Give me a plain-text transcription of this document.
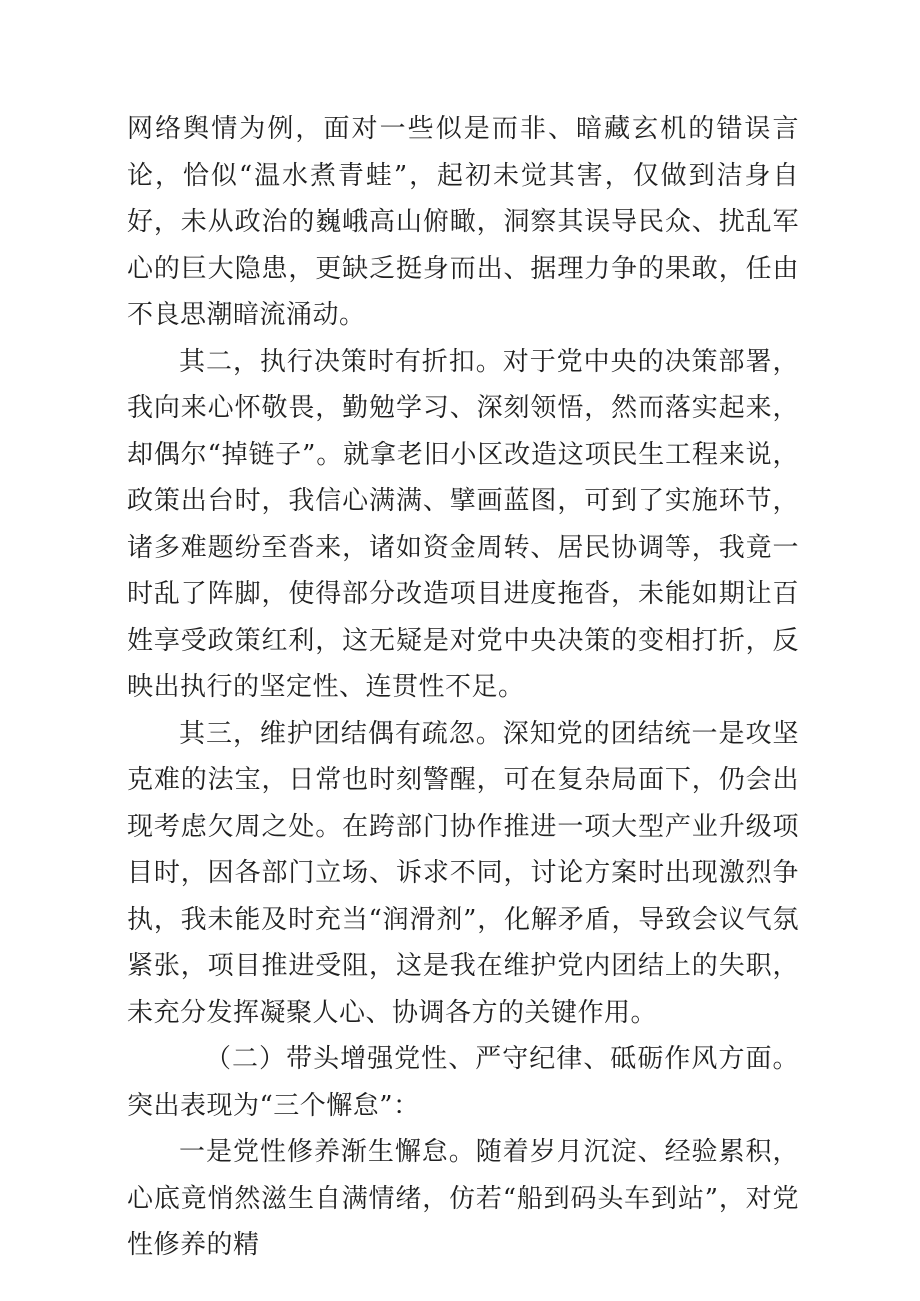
网络舆情为例，面对一些似是而非、暗藏玄机的错误言论，恰似“温水煮青蛙”，起初未觉其害，仅做到洁身自好，未从政治的巍峨高山俯瞰，洞察其误导民众、扰乱军心的巨大隐患，更缺乏挺身而出、据理力争的果敢，任由不良思潮暗流涌动。

其二，执行决策时有折扣。对于党中央的决策部署，我向来心怀敬畏，勤勉学习、深刻领悟，然而落实起来，却偶尔“掉链子”。就拿老旧小区改造这项民生工程来说，政策出台时，我信心满满、擘画蓝图，可到了实施环节，诸多难题纷至沓来，诸如资金周转、居民协调等，我竟一时乱了阵脚，使得部分改造项目进度拖沓，未能如期让百姓享受政策红利，这无疑是对党中央决策的变相打折，反映出执行的坚定性、连贯性不足。

其三，维护团结偶有疏忽。深知党的团结统一是攻坚克难的法宝，日常也时刻警醒，可在复杂局面下，仍会出现考虑欠周之处。在跨部门协作推进一项大型产业升级项目时，因各部门立场、诉求不同，讨论方案时出现激烈争执，我未能及时充当“润滑剂”，化解矛盾，导致会议气氛紧张，项目推进受阻，这是我在维护党内团结上的失职，未充分发挥凝聚人心、协调各方的关键作用。

（二）带头增强党性、严守纪律、砥砺作风方面。突出表现为“三个懈怠”：

一是党性修养渐生懈怠。随着岁月沉淀、经验累积，心底竟悄然滋生自满情绪，仿若“船到码头车到站”，对党性修养的精
